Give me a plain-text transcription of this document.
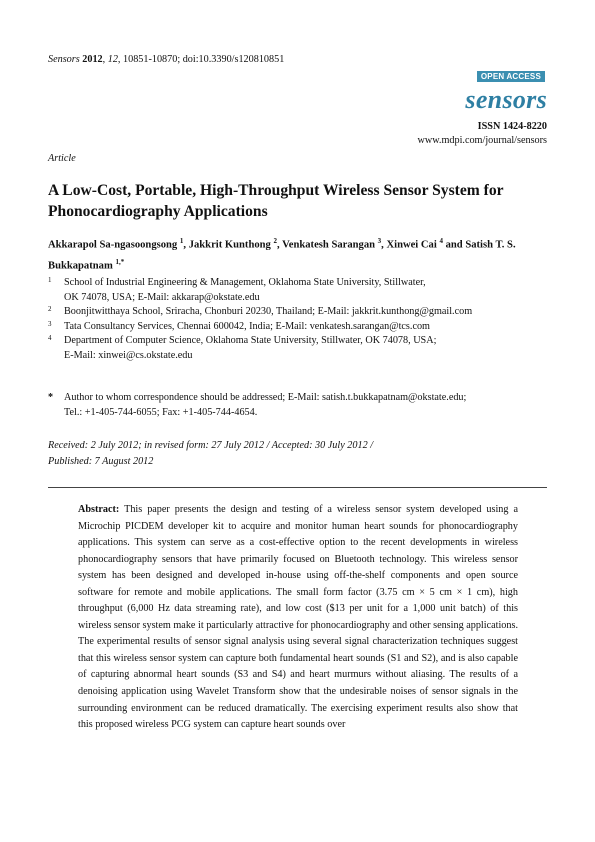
Sensors 2012, 12, 10851-10870; doi:10.3390/s120810851
OPEN ACCESS
sensors
ISSN 1424-8220
www.mdpi.com/journal/sensors
Article
A Low-Cost, Portable, High-Throughput Wireless Sensor System for Phonocardiography Applications
Akkarapol Sa-ngasoongsong $^1$, Jakkrit Kunthong $^2$, Venkatesh Sarangan $^3$, Xinwei Cai $^4$ and Satish T. S. Bukkapatnam $^{1,*}$
1 School of Industrial Engineering & Management, Oklahoma State University, Stillwater,
OK 74078, USA; E-Mail: akkarap@okstate.edu
2 Boonjitwitthaya School, Sriracha, Chonburi 20230, Thailand; E-Mail: jakkrit.kunthong@gmail.com
3 Tata Consultancy Services, Chennai 600042, India; E-Mail: venkatesh.sarangan@tcs.com
4 Department of Computer Science, Oklahoma State University, Stillwater, OK 74078, USA;
E-Mail: xinwei@cs.okstate.edu
* Author to whom correspondence should be addressed; E-Mail: satish.t.bukkapatnam@okstate.edu;
Tel.: +1-405-744-6055; Fax: +1-405-744-4654.
Received: 2 July 2012; in revised form: 27 July 2012 / Accepted: 30 July 2012 /
Published: 7 August 2012
Abstract: This paper presents the design and testing of a wireless sensor system developed using a Microchip PICDEM developer kit to acquire and monitor human heart sounds for phonocardiography applications. This system can serve as a cost-effective option to the recent developments in wireless phonocardiography sensors that have primarily focused on Bluetooth technology. This wireless sensor system has been designed and developed in-house using off-the-shelf components and open source software for remote and mobile applications. The small form factor (3.75 cm × 5 cm × 1 cm), high throughput (6,000 Hz data streaming rate), and low cost ($13 per unit for a 1,000 unit batch) of this wireless sensor system make it particularly attractive for phonocardiography and other sensing applications. The experimental results of sensor signal analysis using several signal characterization techniques suggest that this wireless sensor system can capture both fundamental heart sounds (S1 and S2), and is also capable of capturing abnormal heart sounds (S3 and S4) and heart murmurs without aliasing. The results of a denoising application using Wavelet Transform show that the undesirable noises of sensor signals in the surrounding environment can be reduced dramatically. The exercising experiment results also show that this proposed wireless PCG system can capture heart sounds over
